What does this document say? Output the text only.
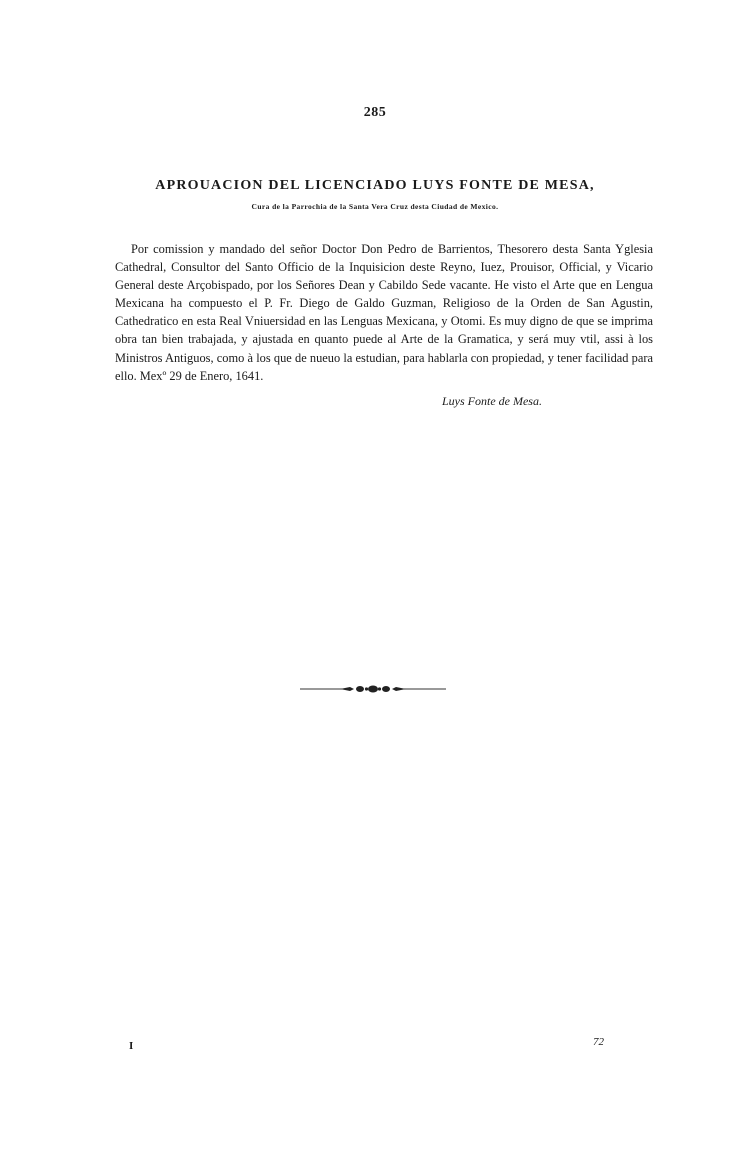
285
APROUACION DEL LICENCIADO LUYS FONTE DE MESA,
Cura de la Parrochia de la Santa Vera Cruz desta Ciudad de Mexico.

Por comission y mandado del señor Doctor Don Pedro de Barrientos, Thesorero desta Santa Yglesia Cathedral, Consultor del Santo Officio de la Inquisicion deste Reyno, Iuez, Prouisor, Official, y Vicario General deste Arçobispado, por los Señores Dean y Cabildo Sede vacante. He visto el Arte que en Lengua Mexicana ha compuesto el P. Fr. Diego de Galdo Guzman, Religioso de la Orden de San Agustin, Cathedratico en esta Real Vniuersidad en las Lenguas Mexicana, y Otomi. Es muy digno de que se imprima obra tan bien trabajada, y ajustada en quanto puede al Arte de la Gramatica, y será muy vtil, assi à los Ministros Antiguos, como à los que de nueuo la estudian, para hablarla con propiedad, y tener facilidad para ello. Mexº 29 de Enero, 1641.

Luys Fonte de Mesa.
I	72
